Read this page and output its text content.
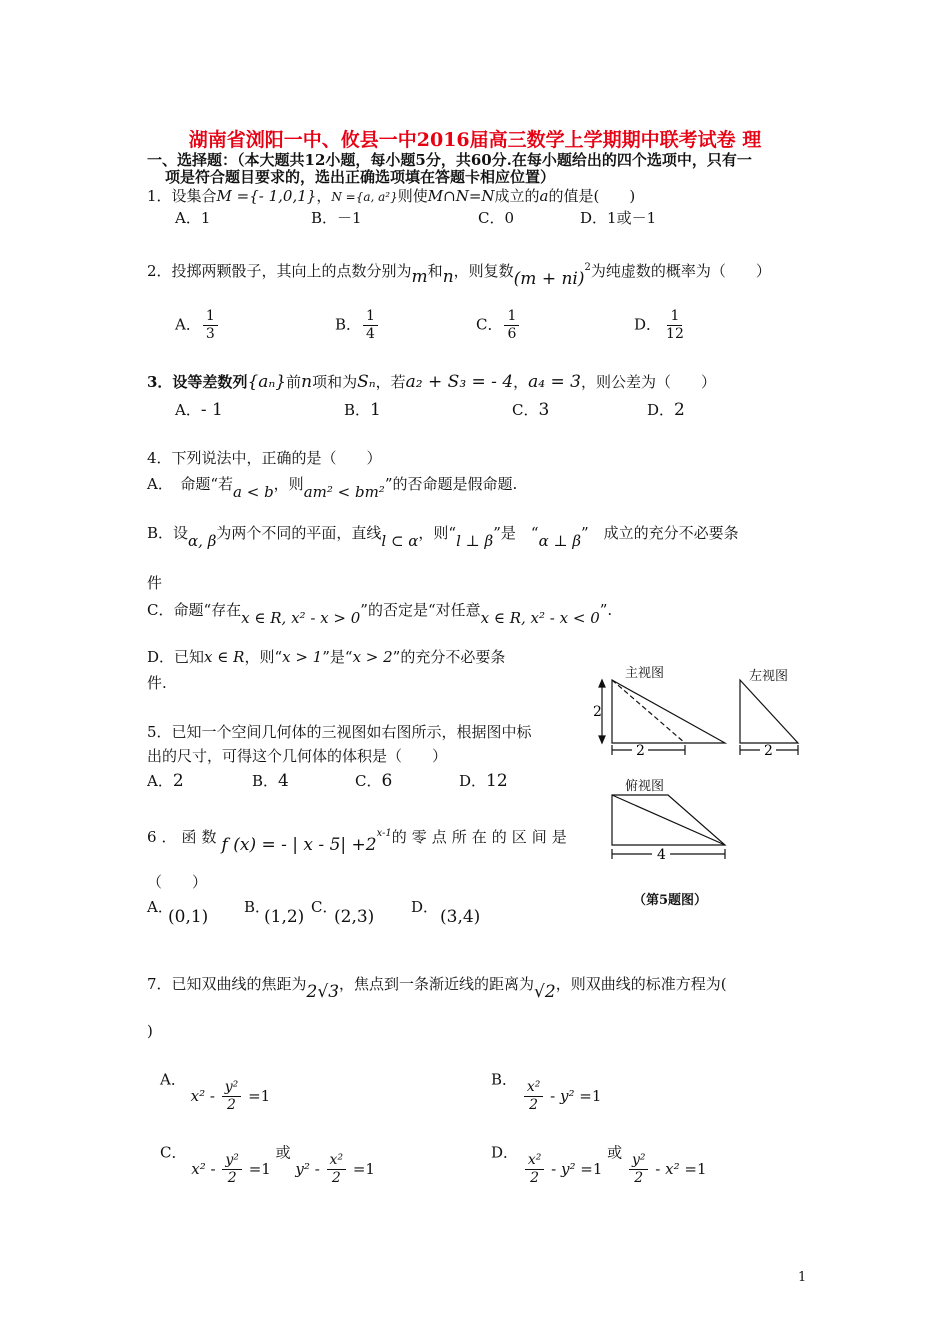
湖南省浏阳一中、攸县一中2016届高三数学上学期期中联考试卷 理
一、选择题：（本大题共12小题，每小题5分，共60分.在每小题给出的四个选项中，只有一
项是符合题目要求的，选出正确选项填在答题卡相应位置）
1．设集合M ={- 1,0,1}，N ={a, a²}则使M∩N=N成立的a的值是(　　)
A．1	B．－1	C．0	D．1或－1
2．投掷两颗骰子，其向上的点数分别为m和n，则复数(m + ni)$^2$为纯虚数的概率为（　　）
A． $\frac{1}{3}$	B． $\frac{1}{4}$	C． $\frac{1}{6}$	D． $\frac{1}{12}$
3．设等差数列{aₙ}前n项和为Sₙ，若a₂ + S₃ = - 4，a₄ = 3，则公差为（　　）
A．- 1	B．1	C．3	D．2
4．下列说法中，正确的是（　　）
A．　命题“若a < b，则am² < bm²”的否命题是假命题.
B．设α, β为两个不同的平面，直线l ⊂ α，则“l ⊥ β”是　“α ⊥ β”　成立的充分不必要条
件
C．命题“存在x ∈ R, x² - x > 0”的否定是“对任意x ∈ R, x² - x < 0”.
D．已知x ∈ R，则“x > 1”是“x > 2”的充分不必要条
件.
5．已知一个空间几何体的三视图如右图所示，根据图中标
出的尺寸，可得这个几何体的体积是（　　）
A．2	B．4	C．6	D．12
主视图	左视图
俯视图
2
2	2
4
（第5题图）
6．函数f (x) = - | $x - 5| +2^{x-1}$的零点所在的区间是
（　　）
A．
(0,1) B．
(1,2) C．
(2,3) D． (3,4)
7．已知双曲线的焦距为2√3，焦点到一条渐近线的距离为√2，则双曲线的标准方程为(
)
A． $x^2 - \frac{\text{y²}}{2} =1$
B． $\frac{\text{x²}}{2} - y^2 =1$
C． $x^2 - \frac{\text{y²}}{2} =1$ 或 $y^2 - \frac{\text{x²}}{2} =1$
D． $\frac{\text{x²}}{2} - y^2 =1$ 或 $\frac{\text{y²}}{2} - x^2 =1$
1
